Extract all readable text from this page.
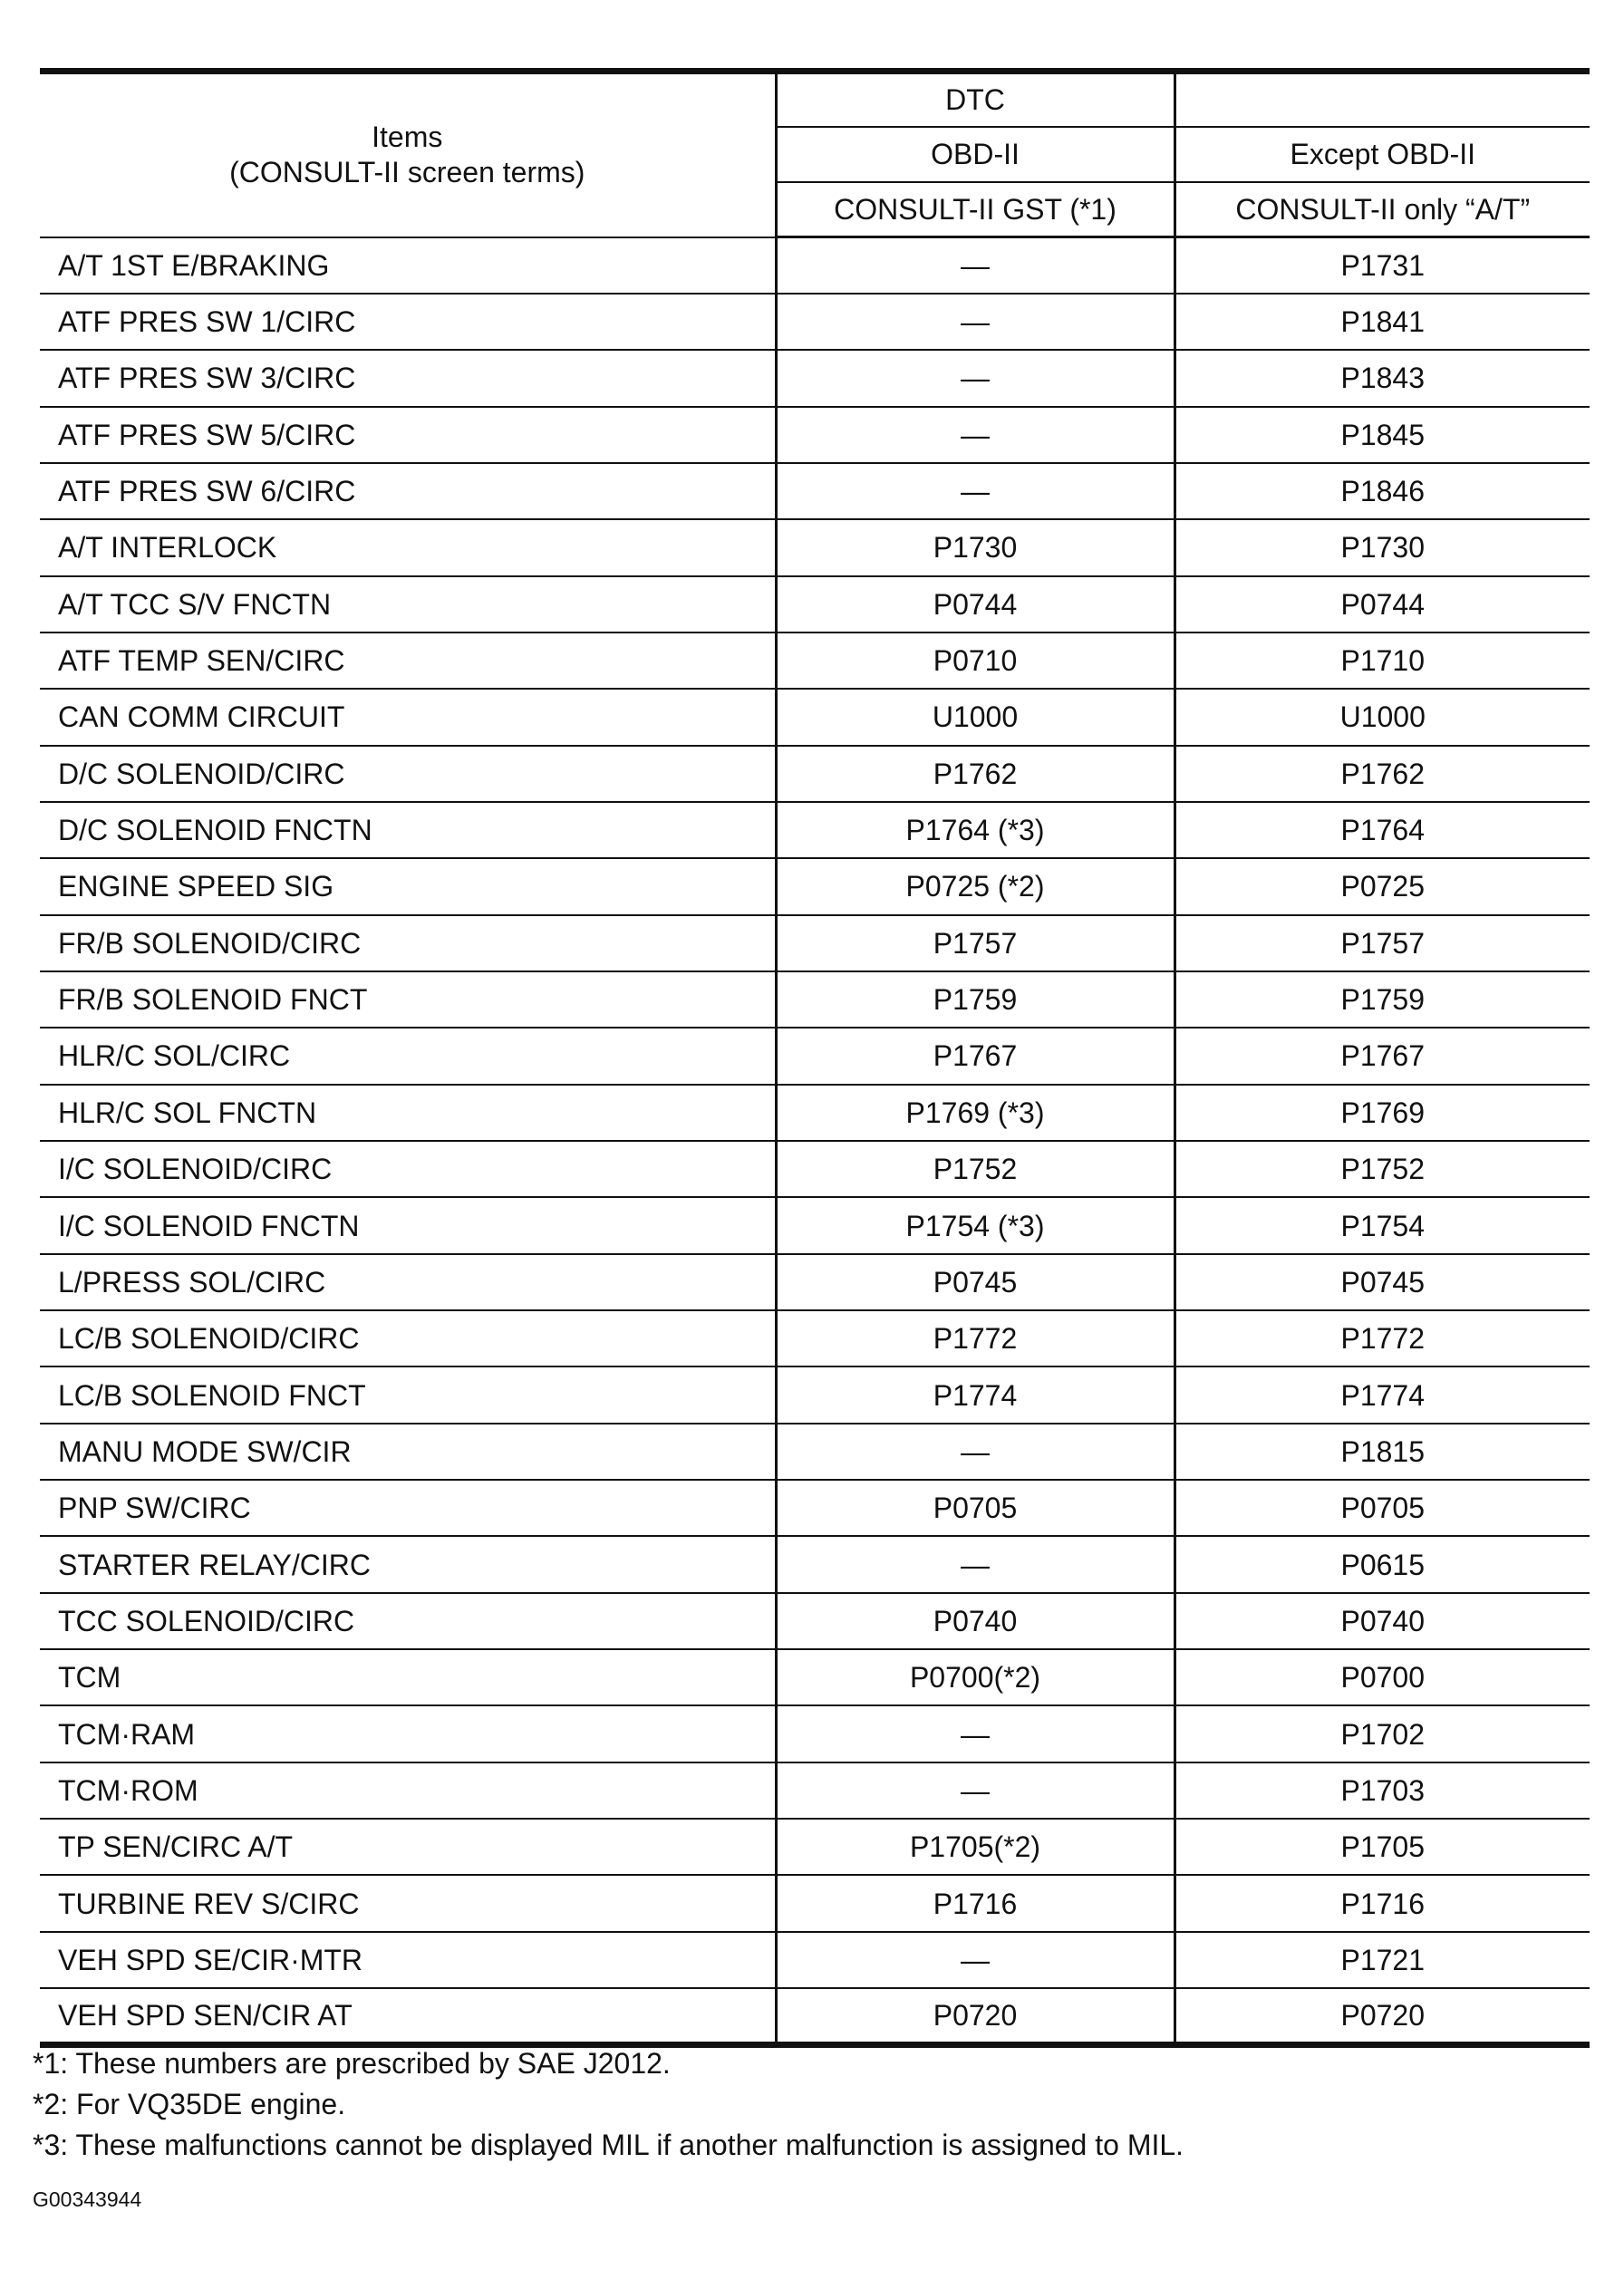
Items
(CONSULT-II screen terms)	DTC	
	OBD-II	Except OBD-II
	CONSULT-II GST (*1)	CONSULT-II only “A/T”
A/T 1ST E/BRAKING	—	P1731
ATF PRES SW 1/CIRC	—	P1841
ATF PRES SW 3/CIRC	—	P1843
ATF PRES SW 5/CIRC	—	P1845
ATF PRES SW 6/CIRC	—	P1846
A/T INTERLOCK	P1730	P1730
A/T TCC S/V FNCTN	P0744	P0744
ATF TEMP SEN/CIRC	P0710	P1710
CAN COMM CIRCUIT	U1000	U1000
D/C SOLENOID/CIRC	P1762	P1762
D/C SOLENOID FNCTN	P1764 (*3)	P1764
ENGINE SPEED SIG	P0725 (*2)	P0725
FR/B SOLENOID/CIRC	P1757	P1757
FR/B SOLENOID FNCT	P1759	P1759
HLR/C SOL/CIRC	P1767	P1767
HLR/C SOL FNCTN	P1769 (*3)	P1769
I/C SOLENOID/CIRC	P1752	P1752
I/C SOLENOID FNCTN	P1754 (*3)	P1754
L/PRESS SOL/CIRC	P0745	P0745
LC/B SOLENOID/CIRC	P1772	P1772
LC/B SOLENOID FNCT	P1774	P1774
MANU MODE SW/CIR	—	P1815
PNP SW/CIRC	P0705	P0705
STARTER RELAY/CIRC	—	P0615
TCC SOLENOID/CIRC	P0740	P0740
TCM	P0700(*2)	P0700
TCM·RAM	—	P1702
TCM·ROM	—	P1703
TP SEN/CIRC A/T	P1705(*2)	P1705
TURBINE REV S/CIRC	P1716	P1716
VEH SPD SE/CIR·MTR	—	P1721
VEH SPD SEN/CIR AT	P0720	P0720
*1: These numbers are prescribed by SAE J2012.
*2: For VQ35DE engine.
*3: These malfunctions cannot be displayed MIL if another malfunction is assigned to MIL.
G00343944
